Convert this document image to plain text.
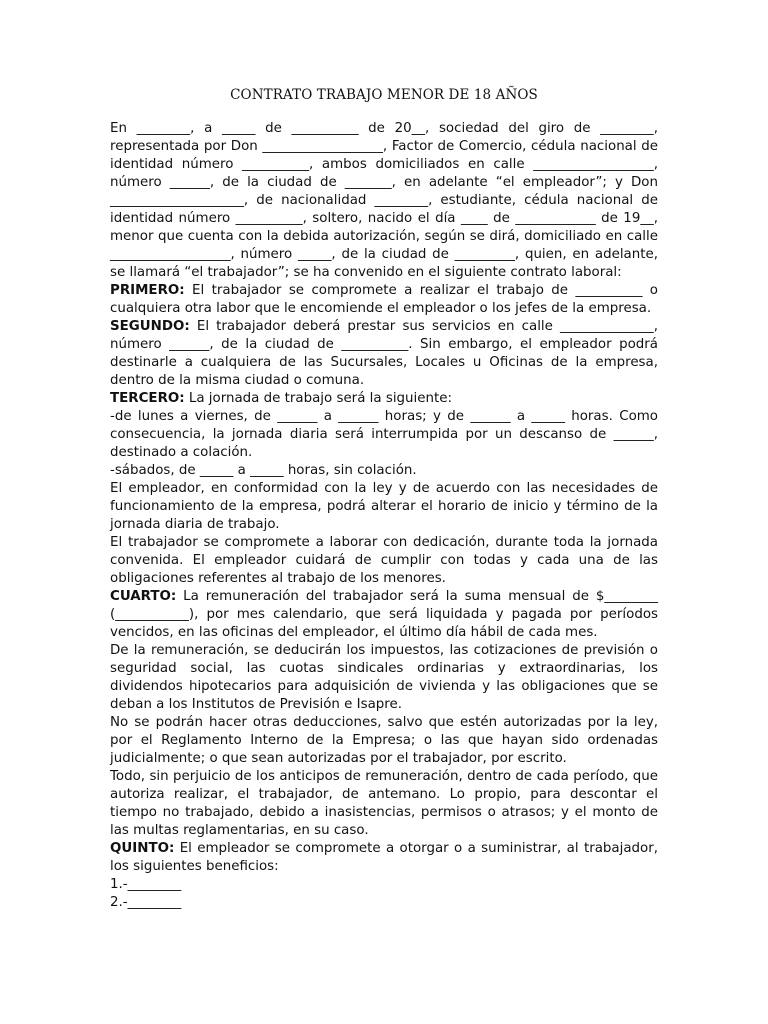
CONTRATO TRABAJO MENOR DE 18 AÑOS

En ________, a _____ de __________ de 20__, sociedad del giro de ________, representada por Don __________________, Factor de Comercio, cédula nacional de identidad número __________, ambos domiciliados en calle __________________, número ______, de la ciudad de _______, en adelante “el empleador”; y Don ____________________, de nacionalidad ________, estudiante, cédula nacional de identidad número __________, soltero, nacido el día ____ de ____________ de 19__, menor que cuenta con la debida autorización, según se dirá, domiciliado en calle __________________, número _____, de la ciudad de _________, quien, en adelante, se llamará “el trabajador”; se ha convenido en el siguiente contrato laboral:

PRIMERO: El trabajador se compromete a realizar el trabajo de __________ o cualquiera otra labor que le encomiende el empleador o los jefes de la empresa.

SEGUNDO: El trabajador deberá prestar sus servicios en calle ______________, número ______, de la ciudad de __________. Sin embargo, el empleador podrá destinarle a cualquiera de las Sucursales, Locales u Oficinas de la empresa, dentro de la misma ciudad o comuna.

TERCERO: La jornada de trabajo será la siguiente:

-de lunes a viernes, de ______ a ______ horas; y de ______ a _____ horas. Como consecuencia, la jornada diaria será interrumpida por un descanso de ______, destinado a colación.

-sábados, de _____ a _____ horas, sin colación.

El empleador, en conformidad con la ley y de acuerdo con las necesidades de funcionamiento de la empresa, podrá alterar el horario de inicio y término de la jornada diaria de trabajo.

El trabajador se compromete a laborar con dedicación, durante toda la jornada convenida. El empleador cuidará de cumplir con todas y cada una de las obligaciones referentes al trabajo de los menores.

CUARTO: La remuneración del trabajador será la suma mensual de $________ (___________), por mes calendario, que será liquidada y pagada por períodos vencidos, en las oficinas del empleador, el último día hábil de cada mes.

De la remuneración, se deducirán los impuestos, las cotizaciones de previsión o seguridad social, las cuotas sindicales ordinarias y extraordinarias, los dividendos hipotecarios para adquisición de vivienda y las obligaciones que se deban a los Institutos de Previsión e Isapre.

No se podrán hacer otras deducciones, salvo que estén autorizadas por la ley, por el Reglamento Interno de la Empresa; o las que hayan sido ordenadas judicialmente; o que sean autorizadas por el trabajador, por escrito.

Todo, sin perjuicio de los anticipos de remuneración, dentro de cada período, que autoriza realizar, el trabajador, de antemano. Lo propio, para descontar el tiempo no trabajado, debido a inasistencias, permisos o atrasos; y el monto de las multas reglamentarias, en su caso.

QUINTO: El empleador se compromete a otorgar o a suministrar, al trabajador, los siguientes beneficios:

1.-________

2.-________
